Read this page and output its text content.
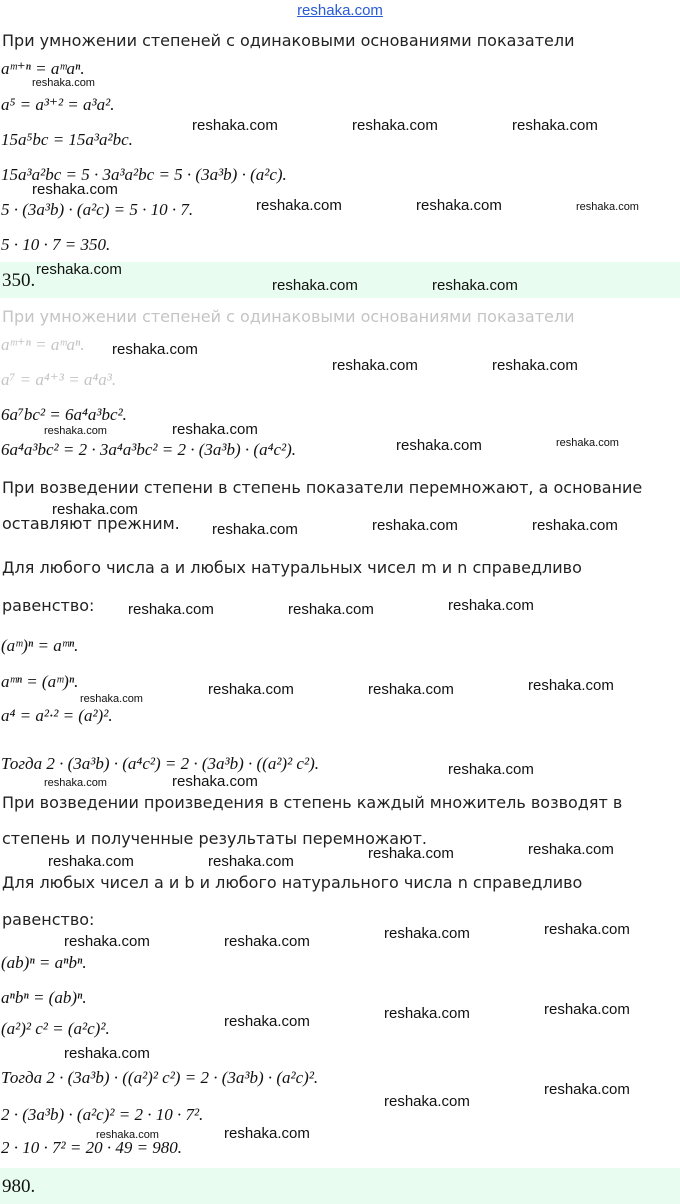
reshaka.com
350.
980.
При умножении степеней с одинаковыми основаниями показатели
aᵐ⁺ⁿ = aᵐaⁿ.
a⁵ = a³⁺² = a³a².
15a⁵bc = 15a³a²bc.
15a³a²bc = 5 · 3a³a²bc = 5 · (3a³b) · (a²c).
5 · (3a³b) · (a²c) = 5 · 10 · 7.
5 · 10 · 7 = 350.
При умножении степеней с одинаковыми основаниями показатели
aᵐ⁺ⁿ = aᵐaⁿ.
a⁷ = a⁴⁺³ = a⁴a³.
6a⁷bc² = 6a⁴a³bc².
6a⁴a³bc² = 2 · 3a⁴a³bc² = 2 · (3a³b) · (a⁴c²).
При возведении степени в степень показатели перемножают, а основание
оставляют прежним.
Для любого числа a и любых натуральных чисел m и n справедливо
равенство:
(aᵐ)ⁿ = aᵐⁿ.
aᵐⁿ = (aᵐ)ⁿ.
a⁴ = a²·² = (a²)².
Тогда 2 · (3a³b) · (a⁴c²) = 2 · (3a³b) · ((a²)² c²).
При возведении произведения в степень каждый множитель возводят в
степень и полученные результаты перемножают.
Для любых чисел a и b и любого натурального числа n справедливо
равенство:
(ab)ⁿ = aⁿbⁿ.
aⁿbⁿ = (ab)ⁿ.
(a²)² c² = (a²c)².
Тогда 2 · (3a³b) · ((a²)² c²) = 2 · (3a³b) · (a²c)².
2 · (3a³b) · (a²c)² = 2 · 10 · 7².
2 · 10 · 7² = 20 · 49 = 980.
reshaka.com
reshaka.com	reshaka.com	reshaka.com
reshaka.com
reshaka.com	reshaka.com	reshaka.com
reshaka.com
reshaka.com	reshaka.com
reshaka.com
reshaka.com	reshaka.com
reshaka.com	reshaka.com
reshaka.com	reshaka.com
reshaka.com
reshaka.com	reshaka.com	reshaka.com
reshaka.com	reshaka.com	reshaka.com
reshaka.com
reshaka.com	reshaka.com	reshaka.com
reshaka.com	reshaka.com
reshaka.com
reshaka.com	reshaka.com	reshaka.com	reshaka.com
reshaka.com	reshaka.com	reshaka.com	reshaka.com
reshaka.com	reshaka.com	reshaka.com
reshaka.com
reshaka.com
reshaka.com
reshaka.com	reshaka.com
